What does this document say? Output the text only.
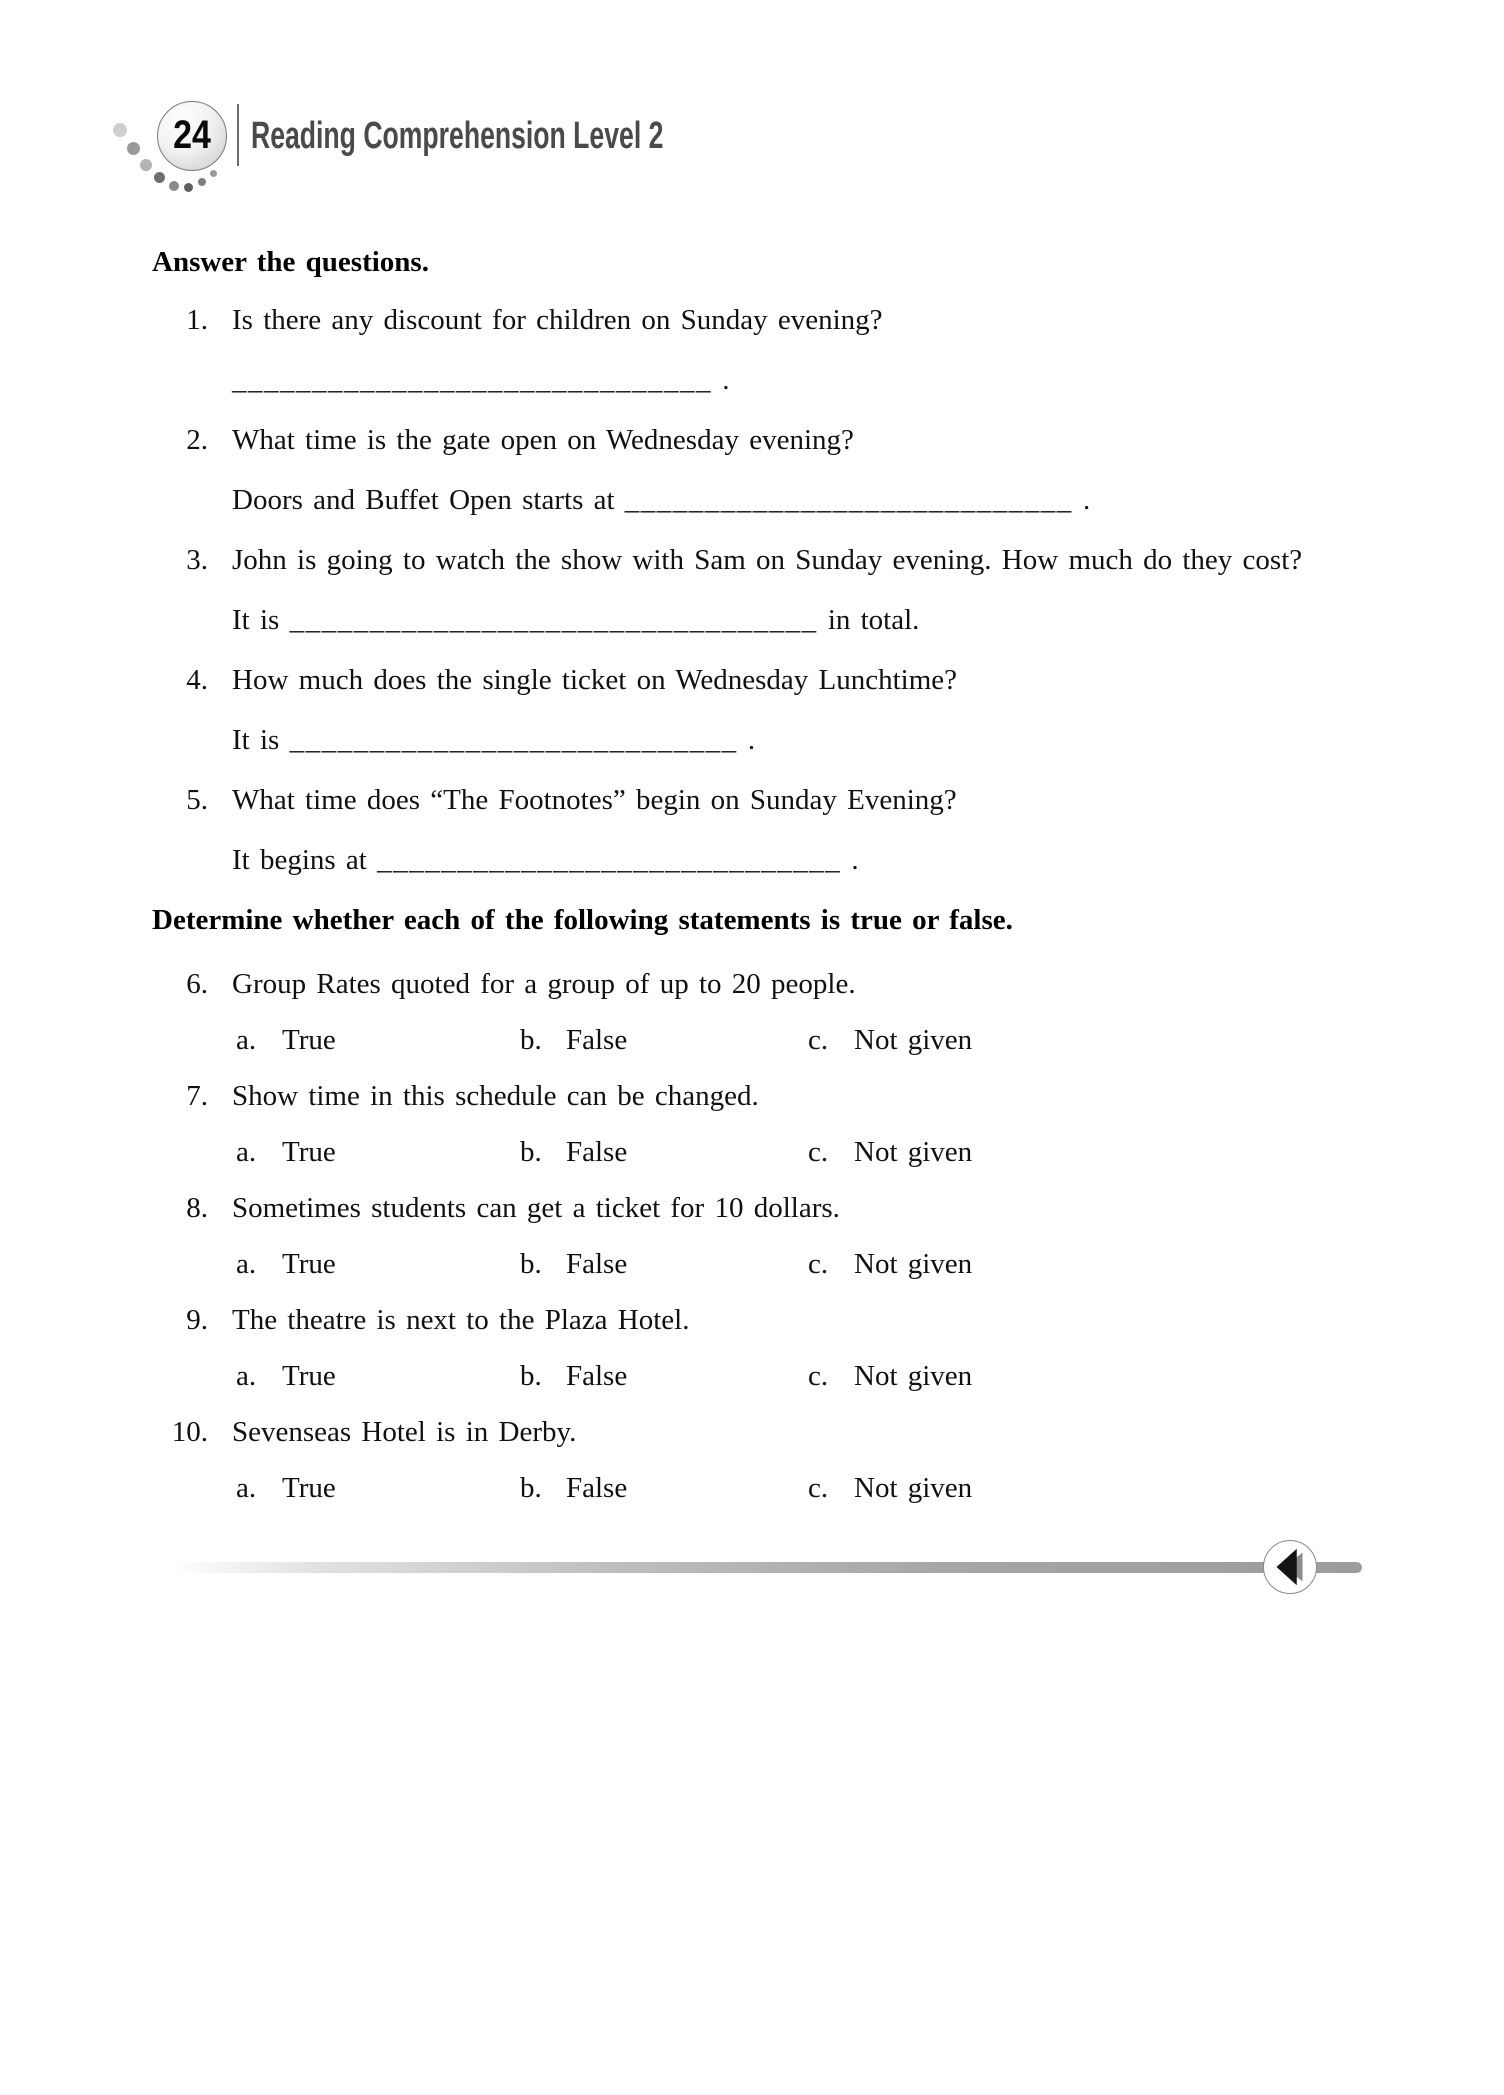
24 Reading Comprehension Level 2
Answer the questions.
1. Is there any discount for children on Sunday evening?
______________________________ .
2. What time is the gate open on Wednesday evening?
Doors and Buffet Open starts at ____________________________ .
3. John is going to watch the show with Sam on Sunday evening. How much do they cost?
It is _________________________________ in total.
4. How much does the single ticket on Wednesday Lunchtime?
It is ____________________________ .
5. What time does “The Footnotes” begin on Sunday Evening?
It begins at _____________________________ .
Determine whether each of the following statements is true or false.
6. Group Rates quoted for a group of up to 20 people.
a. True	b. False	c. Not given
7. Show time in this schedule can be changed.
a. True	b. False	c. Not given
8. Sometimes students can get a ticket for 10 dollars.
a. True	b. False	c. Not given
9. The theatre is next to the Plaza Hotel.
a. True	b. False	c. Not given
10. Sevenseas Hotel is in Derby.
a. True	b. False	c. Not given
